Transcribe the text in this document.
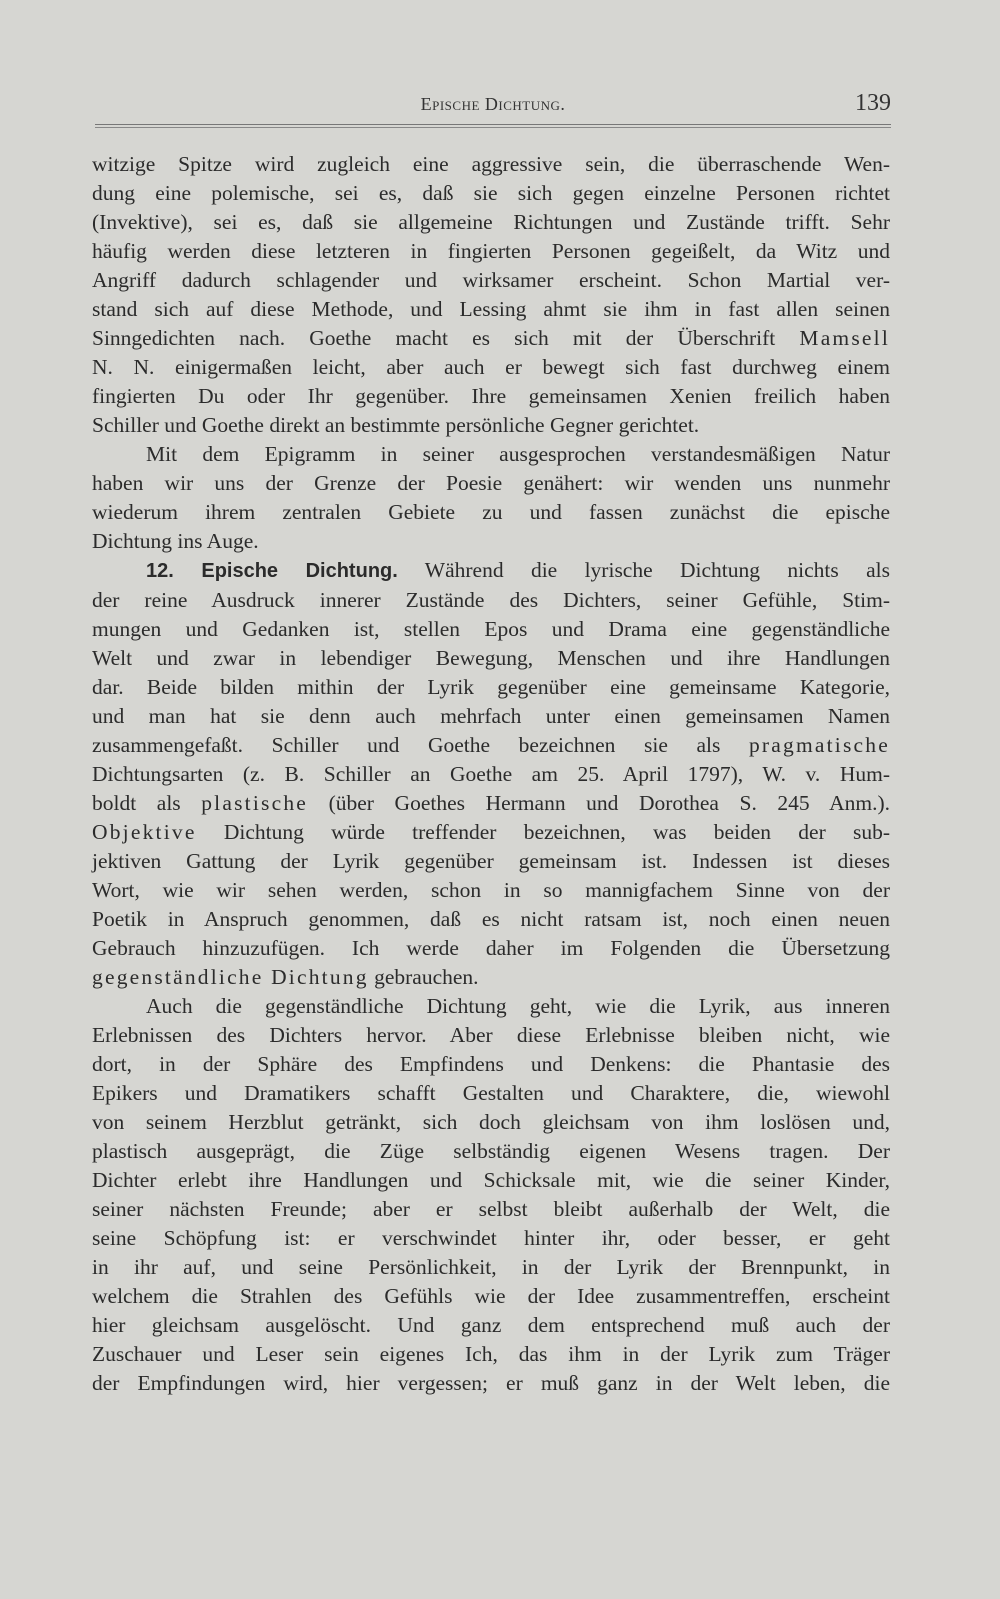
Epische Dichtung.	139
witzige Spitze wird zugleich eine aggressive sein, die überraschende Wen-
dung eine polemische, sei es, daß sie sich gegen einzelne Personen richtet
(Invektive), sei es, daß sie allgemeine Richtungen und Zustände trifft. Sehr
häufig werden diese letzteren in fingierten Personen gegeißelt, da Witz und
Angriff dadurch schlagender und wirksamer erscheint. Schon Martial ver-
stand sich auf diese Methode, und Lessing ahmt sie ihm in fast allen seinen
Sinngedichten nach. Goethe macht es sich mit der Überschrift Mamsell
N. N. einigermaßen leicht, aber auch er bewegt sich fast durchweg einem
fingierten Du oder Ihr gegenüber. Ihre gemeinsamen Xenien freilich haben
Schiller und Goethe direkt an bestimmte persönliche Gegner gerichtet.
Mit dem Epigramm in seiner ausgesprochen verstandesmäßigen Natur
haben wir uns der Grenze der Poesie genähert: wir wenden uns nunmehr
wiederum ihrem zentralen Gebiete zu und fassen zunächst die epische
Dichtung ins Auge.
12. Epische Dichtung. Während die lyrische Dichtung nichts als
der reine Ausdruck innerer Zustände des Dichters, seiner Gefühle, Stim-
mungen und Gedanken ist, stellen Epos und Drama eine gegenständliche
Welt und zwar in lebendiger Bewegung, Menschen und ihre Handlungen
dar. Beide bilden mithin der Lyrik gegenüber eine gemeinsame Kategorie,
und man hat sie denn auch mehrfach unter einen gemeinsamen Namen
zusammengefaßt. Schiller und Goethe bezeichnen sie als pragmatische
Dichtungsarten (z. B. Schiller an Goethe am 25. April 1797), W. v. Hum-
boldt als plastische (über Goethes Hermann und Dorothea S. 245 Anm.).
Objektive Dichtung würde treffender bezeichnen, was beiden der sub-
jektiven Gattung der Lyrik gegenüber gemeinsam ist. Indessen ist dieses
Wort, wie wir sehen werden, schon in so mannigfachem Sinne von der
Poetik in Anspruch genommen, daß es nicht ratsam ist, noch einen neuen
Gebrauch hinzuzufügen. Ich werde daher im Folgenden die Übersetzung
gegenständliche Dichtung gebrauchen.
Auch die gegenständliche Dichtung geht, wie die Lyrik, aus inneren
Erlebnissen des Dichters hervor. Aber diese Erlebnisse bleiben nicht, wie
dort, in der Sphäre des Empfindens und Denkens: die Phantasie des
Epikers und Dramatikers schafft Gestalten und Charaktere, die, wiewohl
von seinem Herzblut getränkt, sich doch gleichsam von ihm loslösen und,
plastisch ausgeprägt, die Züge selbständig eigenen Wesens tragen. Der
Dichter erlebt ihre Handlungen und Schicksale mit, wie die seiner Kinder,
seiner nächsten Freunde; aber er selbst bleibt außerhalb der Welt, die
seine Schöpfung ist: er verschwindet hinter ihr, oder besser, er geht
in ihr auf, und seine Persönlichkeit, in der Lyrik der Brennpunkt, in
welchem die Strahlen des Gefühls wie der Idee zusammentreffen, erscheint
hier gleichsam ausgelöscht. Und ganz dem entsprechend muß auch der
Zuschauer und Leser sein eigenes Ich, das ihm in der Lyrik zum Träger
der Empfindungen wird, hier vergessen; er muß ganz in der Welt leben, die
